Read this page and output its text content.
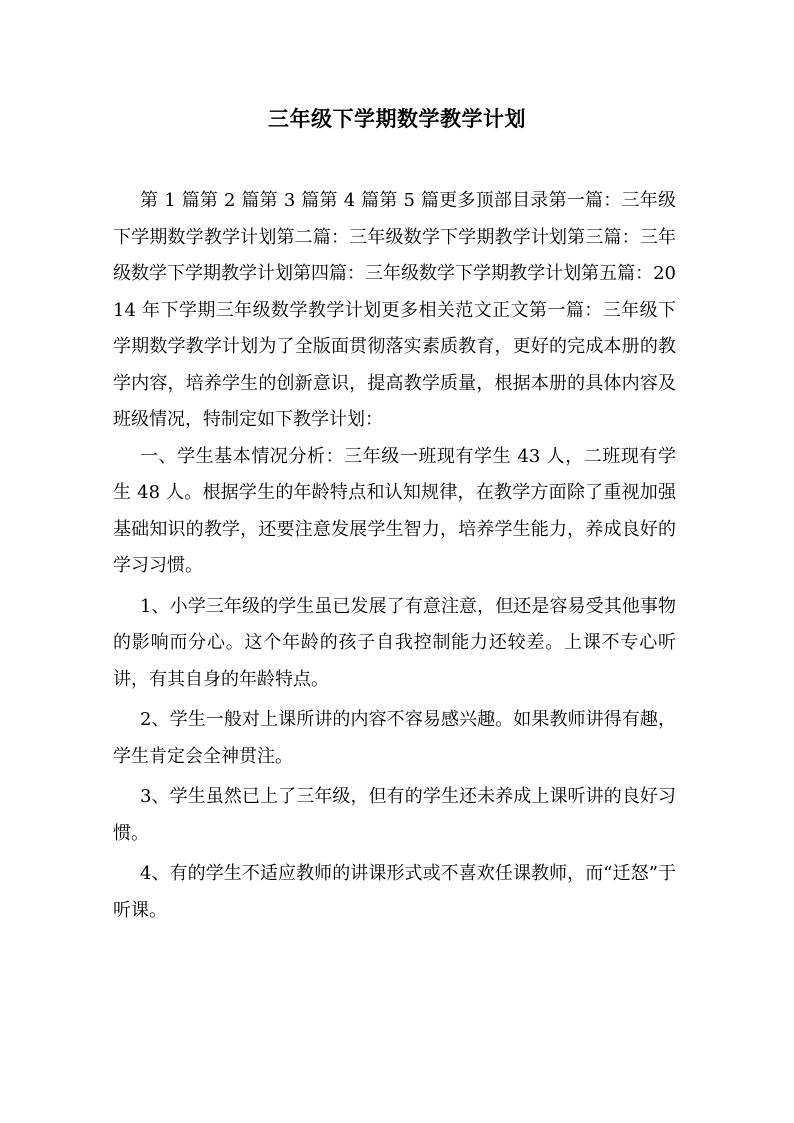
三年级下学期数学教学计划

第 1 篇第 2 篇第 3 篇第 4 篇第 5 篇更多顶部目录第一篇：三年级下学期数学教学计划第二篇：三年级数学下学期教学计划第三篇：三年级数学下学期教学计划第四篇：三年级数学下学期教学计划第五篇：2014 年下学期三年级数学教学计划更多相关范文正文第一篇：三年级下学期数学教学计划为了全版面贯彻落实素质教育，更好的完成本册的教学内容，培养学生的创新意识，提高教学质量，根据本册的具体内容及班级情况，特制定如下教学计划：

一、学生基本情况分析：三年级一班现有学生 43 人，二班现有学生 48 人。根据学生的年龄特点和认知规律，在教学方面除了重视加强基础知识的教学，还要注意发展学生智力，培养学生能力，养成良好的学习习惯。

1、小学三年级的学生虽已发展了有意注意，但还是容易受其他事物的影响而分心。这个年龄的孩子自我控制能力还较差。上课不专心听讲，有其自身的年龄特点。

2、学生一般对上课所讲的内容不容易感兴趣。如果教师讲得有趣，学生肯定会全神贯注。

3、学生虽然已上了三年级，但有的学生还未养成上课听讲的良好习惯。

4、有的学生不适应教师的讲课形式或不喜欢任课教师，而“迁怒”于听课。
